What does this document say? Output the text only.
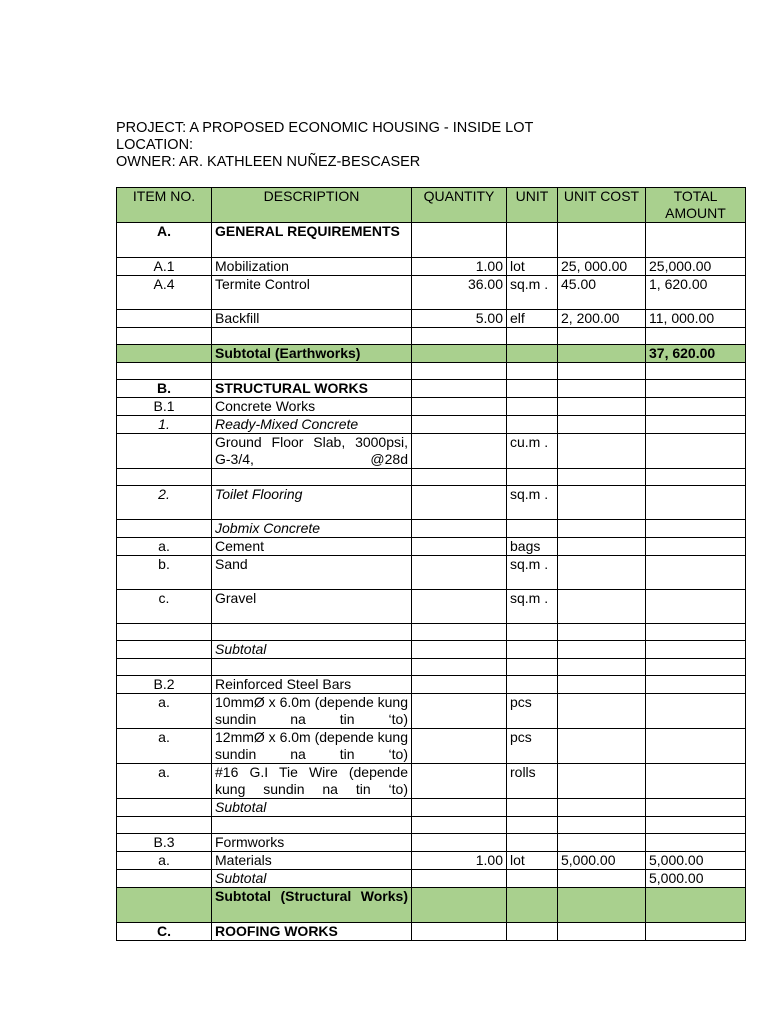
PROJECT: A PROPOSED ECONOMIC HOUSING - INSIDE LOT
LOCATION:
OWNER: AR. KATHLEEN NUÑEZ-BESCASER
ITEM NO.	DESCRIPTION	QUANTITY	UNIT	UNIT COST	TOTAL AMOUNT
A.	GENERAL REQUIREMENTS				
A.1	Mobilization	1.00	lot	25, 000.00	25,000.00
A.4	Termite Control	36.00	sq.m .	45.00	1, 620.00
	Backfill	5.00	elf	2, 200.00	11, 000.00

	Subtotal (Earthworks)				37, 620.00

B.	STRUCTURAL WORKS				
B.1	Concrete Works				
1.	Ready-Mixed Concrete				
	Ground Floor Slab, 3000psi, G-3/4, @28d		cu.m .		

2.	Toilet Flooring		sq.m .		
	Jobmix Concrete				
a.	Cement		bags		
b.	Sand		sq.m .		
c.	Gravel		sq.m .		

	Subtotal				

B.2	Reinforced Steel Bars				
a.	10mmØ x 6.0m (depende kung sundin na tin ‘to)		pcs		
a.	12mmØ x 6.0m (depende kung sundin na tin ‘to)		pcs		
a.	#16 G.I Tie Wire (depende kung sundin na tin ‘to)		rolls		
	Subtotal				

B.3	Formworks				
a.	Materials	1.00	lot	5,000.00	5,000.00
	Subtotal				5,000.00
	Subtotal (Structural Works)				
C.	ROOFING WORKS				
